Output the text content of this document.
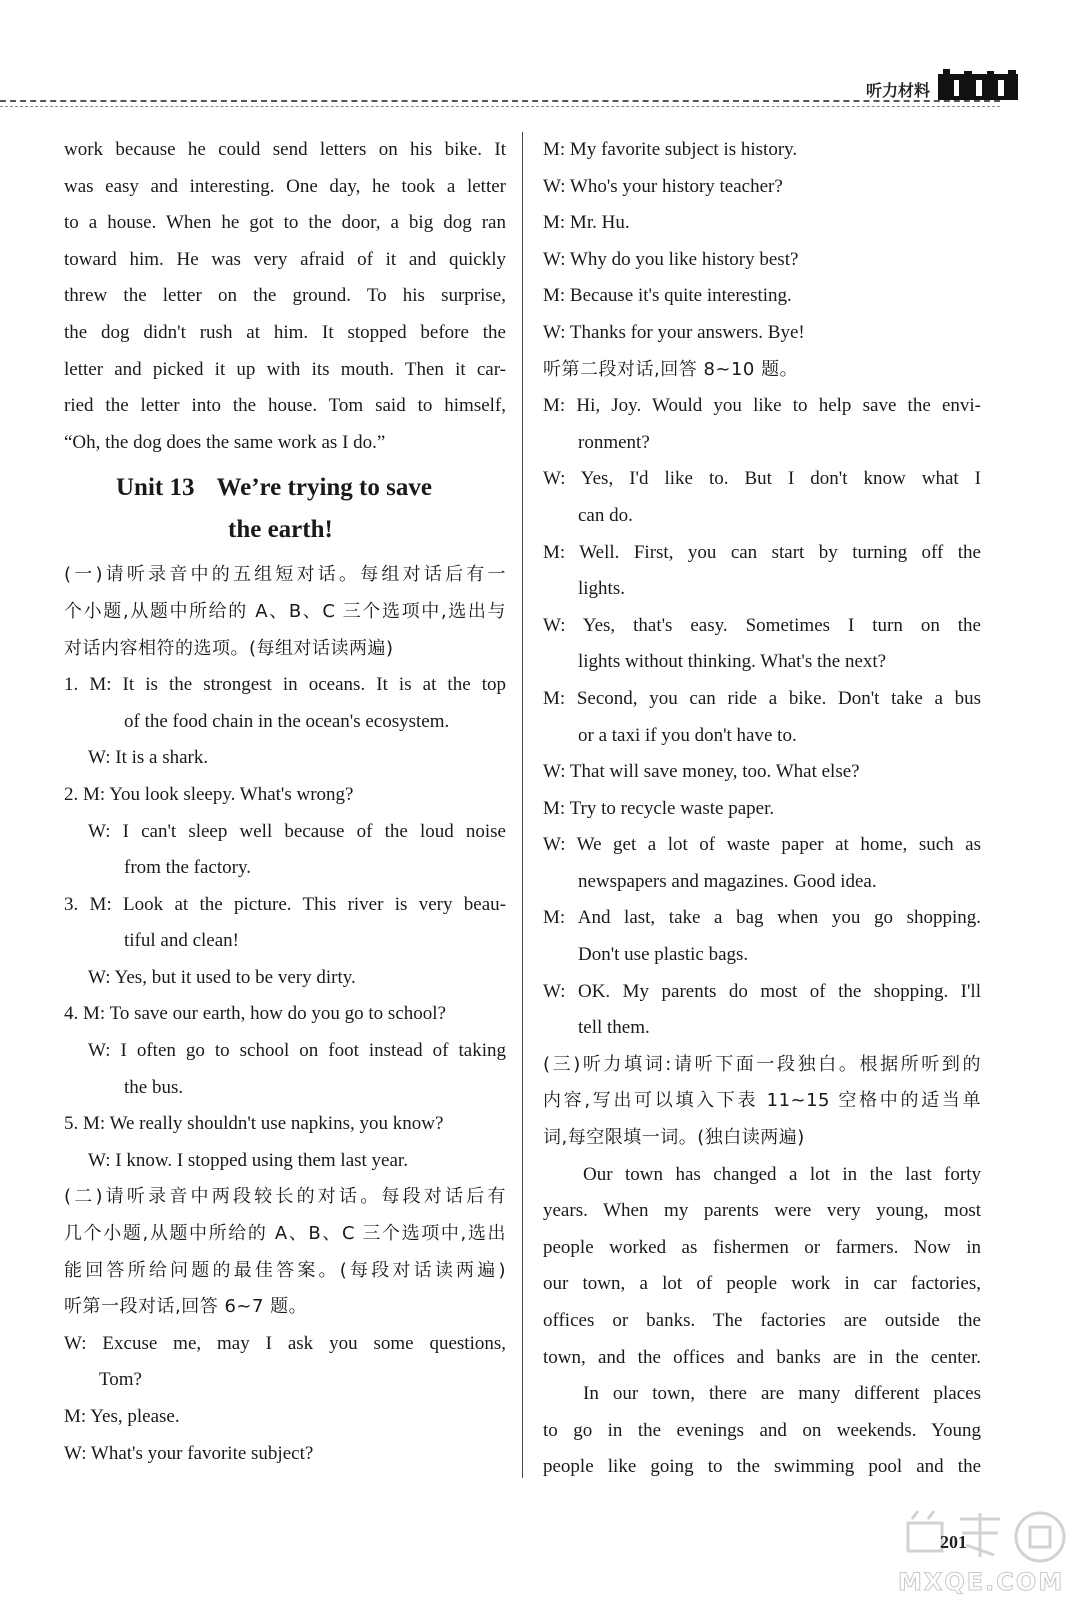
听力材料
work because he could send letters on his bike. It
was easy and interesting. One day, he took a letter
to a house. When he got to the door, a big dog ran
toward him. He was very afraid of it and quickly
threw the letter on the ground. To his surprise,
the dog didn't rush at him. It stopped before the
letter and picked it up with its mouth. Then it car-
ried the letter into the house. Tom said to himself,
“Oh, the dog does the same work as I do.”
Unit 13 We’re trying to save
the earth!
(一)请听录音中的五组短对话。每组对话后有一
个小题,从题中所给的 A、B、C 三个选项中,选出与
对话内容相符的选项。(每组对话读两遍)
1. M: It is the strongest in oceans. It is at the top
of the food chain in the ocean's ecosystem.
W: It is a shark.
2. M: You look sleepy. What's wrong?
W: I can't sleep well because of the loud noise
from the factory.
3. M: Look at the picture. This river is very beau-
tiful and clean!
W: Yes, but it used to be very dirty.
4. M: To save our earth, how do you go to school?
W: I often go to school on foot instead of taking
the bus.
5. M: We really shouldn't use napkins, you know?
W: I know. I stopped using them last year.
(二)请听录音中两段较长的对话。每段对话后有
几个小题,从题中所给的 A、B、C 三个选项中,选出
能回答所给问题的最佳答案。(每段对话读两遍)
听第一段对话,回答 6~7 题。
W: Excuse me, may I ask you some questions,
Tom?
M: Yes, please.
W: What's your favorite subject?
M: My favorite subject is history.
W: Who's your history teacher?
M: Mr. Hu.
W: Why do you like history best?
M: Because it's quite interesting.
W: Thanks for your answers. Bye!
听第二段对话,回答 8~10 题。
M: Hi, Joy. Would you like to help save the envi-
ronment?
W: Yes, I'd like to. But I don't know what I
can do.
M: Well. First, you can start by turning off the
lights.
W: Yes, that's easy. Sometimes I turn on the
lights without thinking. What's the next?
M: Second, you can ride a bike. Don't take a bus
or a taxi if you don't have to.
W: That will save money, too. What else?
M: Try to recycle waste paper.
W: We get a lot of waste paper at home, such as
newspapers and magazines. Good idea.
M: And last, take a bag when you go shopping.
Don't use plastic bags.
W: OK. My parents do most of the shopping. I'll
tell them.
(三)听力填词:请听下面一段独白。根据所听到的
内容,写出可以填入下表 11~15 空格中的适当单
词,每空限填一词。(独白读两遍)
Our town has changed a lot in the last forty
years. When my parents were very young, most
people worked as fishermen or farmers. Now in
our town, a lot of people work in car factories,
offices or banks. The factories are outside the
town, and the offices and banks are in the center.
In our town, there are many different places
to go in the evenings and on weekends. Young
people like going to the swimming pool and the
MXQE.COM
201
